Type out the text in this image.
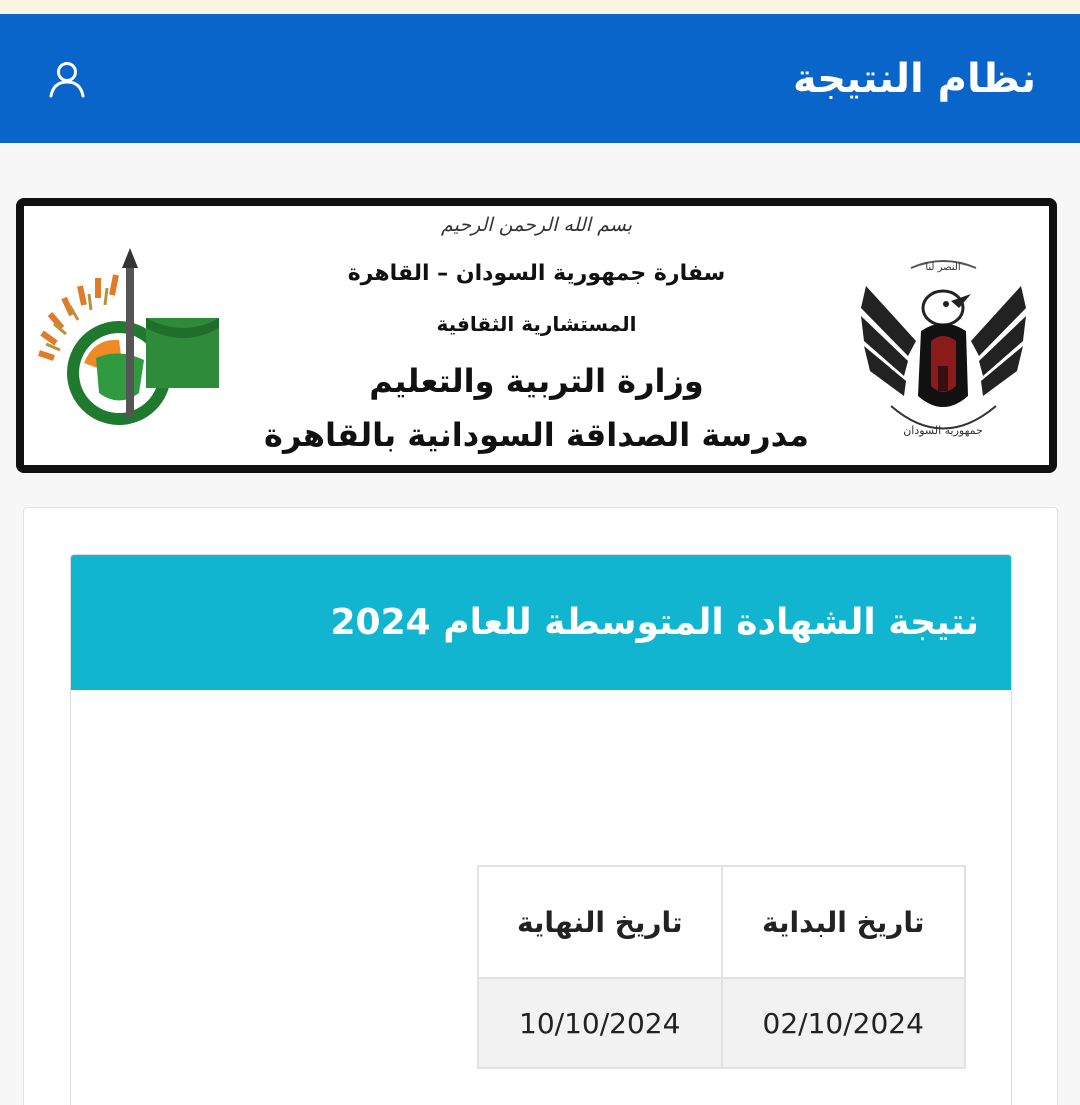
نظام النتيجة
النصر لنا
جمهورية السودان
بسم الله الرحمن الرحيم
سفارة جمهورية السودان – القاهرة
المستشارية الثقافية
وزارة التربية والتعليم
مدرسة الصداقة السودانية بالقاهرة
نتيجة الشهادة المتوسطة للعام 2024
تاريخ البداية	تاريخ النهاية
02/10/2024	10/10/2024
